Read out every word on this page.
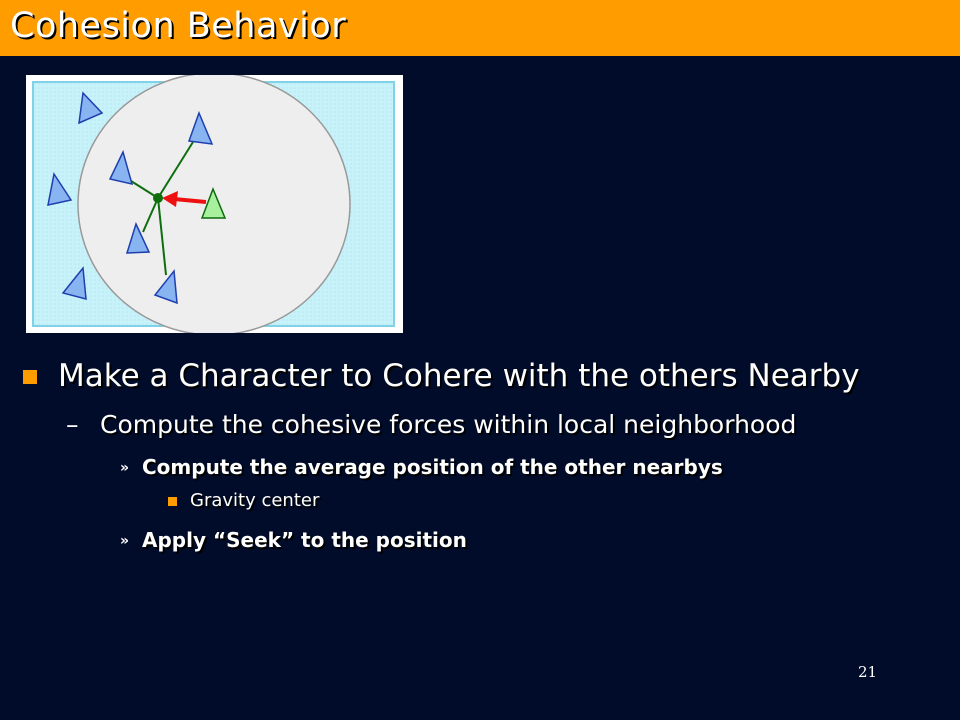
Cohesion Behavior
Make a Character to Cohere with the others Nearby
– Compute the cohesive forces within local neighborhood
» Compute the average position of the other nearbys
Gravity center
» Apply “Seek” to the position
21
